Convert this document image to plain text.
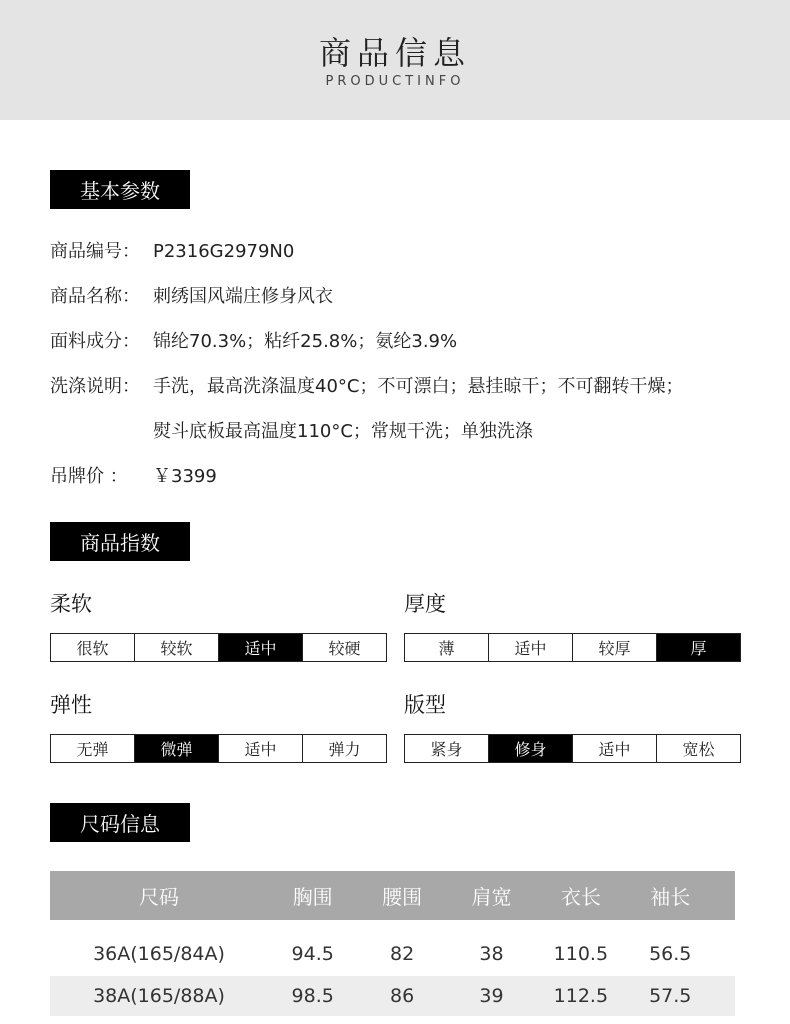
商品信息
PRODUCTINFO
基本参数
商品编号： P2316G2979N0
商品名称： 刺绣国风端庄修身风衣
面料成分： 锦纶70.3%；粘纤25.8%；氨纶3.9%
洗涤说明： 手洗，最高洗涤温度40°C；不可漂白；悬挂晾干；不可翻转干燥；
熨斗底板最高温度110°C；常规干洗；单独洗涤
吊牌价 ： ￥3399
商品指数
柔软
很软	较软	适中	较硬
厚度
薄	适中	较厚	厚
弹性
无弹	微弹	适中	弹力
版型
紧身	修身	适中	宽松
尺码信息
尺码	胸围	腰围	肩宽	衣长	袖长
36A(165/84A)	94.5	82	38	110.5	56.5
38A(165/88A)	98.5	86	39	112.5	57.5
